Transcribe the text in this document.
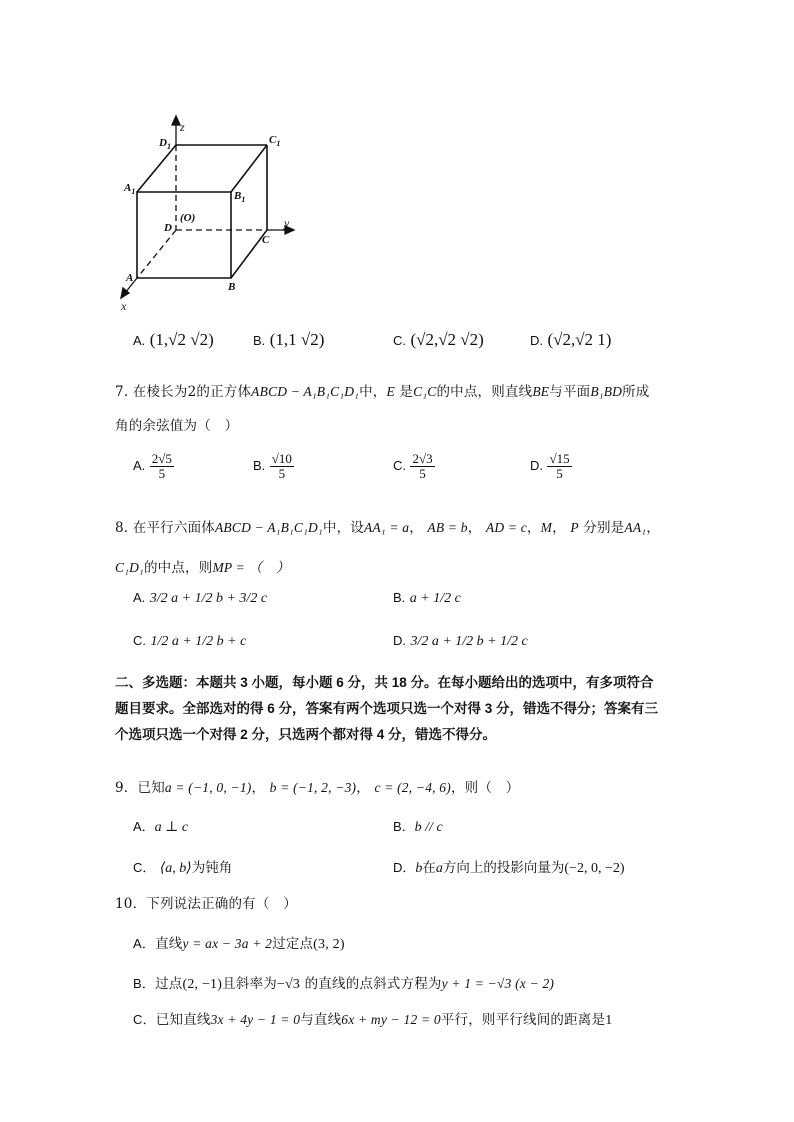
z
y
x
$D_1$
$C_1$
$A_1$	$B_1$
D
(O)
C
A
B
A. (1,√2 √2)	B. (1,1 √2)	C. (√2,√2 √2)	D. (√2,√2 1)
7. 在棱长为2的正方体ABCD − A₁B₁C₁D₁中，E 是C₁C的中点，则直线BE与平面B₁BD所成
角的余弦值为（　）
A. $\frac{2√5}{5}$	B. $\frac{√10}{5}$	C. $\frac{2√3}{5}$	D. $\frac{√15}{5}$
8. 在平行六面体ABCD − A₁B₁C₁D₁中，设AA₁ = a， AB = b， AD = c，M， P 分别是AA₁，
C₁D₁的中点，则MP = （　）
A. 3/2 a + 1/2 b + 3/2 c	B. a + 1/2 c
C. 1/2 a + 1/2 b + c	D. 3/2 a + 1/2 b + 1/2 c
二、多选题：本题共 3 小题，每小题 6 分，共 18 分。在每小题给出的选项中，有多项符合
题目要求。全部选对的得 6 分，答案有两个选项只选一个对得 3 分，错选不得分；答案有三
个选项只选一个对得 2 分，只选两个都对得 4 分，错选不得分。
9．已知a = (−1, 0, −1)， b = (−1, 2, −3)， c = (2, −4, 6)，则（　）
A．a ⊥ c	B．b // c
C． ⟨a, b⟩为钝角	D．b在a方向上的投影向量为(−2, 0, −2)
10．下列说法正确的有（　）
A．直线y = ax − 3a + 2过定点(3, 2)
B．过点(2, −1)且斜率为−√3 的直线的点斜式方程为y + 1 = −√3 (x − 2)
C．已知直线3x + 4y − 1 = 0与直线6x + my − 12 = 0平行，则平行线间的距离是1
